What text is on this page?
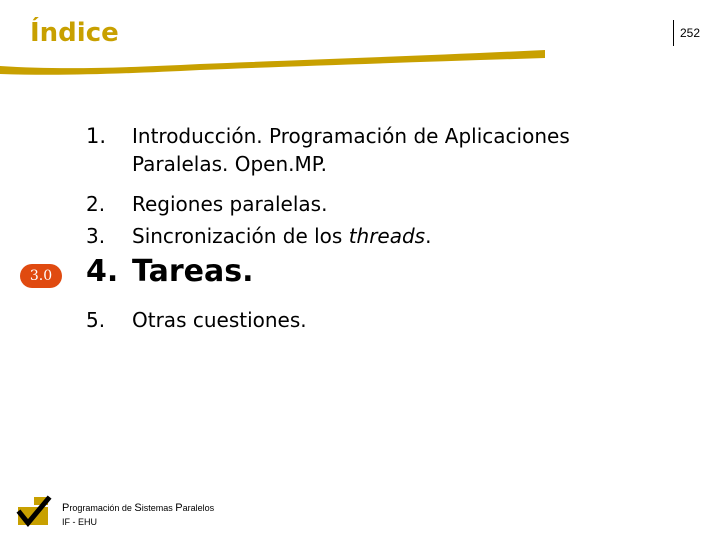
Índice	252
1.	Introducción. Programación de Aplicaciones
Paralelas. Open.MP.
2.	Regiones paralelas.
3.	Sincronización de los threads.
3.0	4. Tareas.
5.	Otras cuestiones.
Programación de Sistemas Paralelos
IF - EHU
